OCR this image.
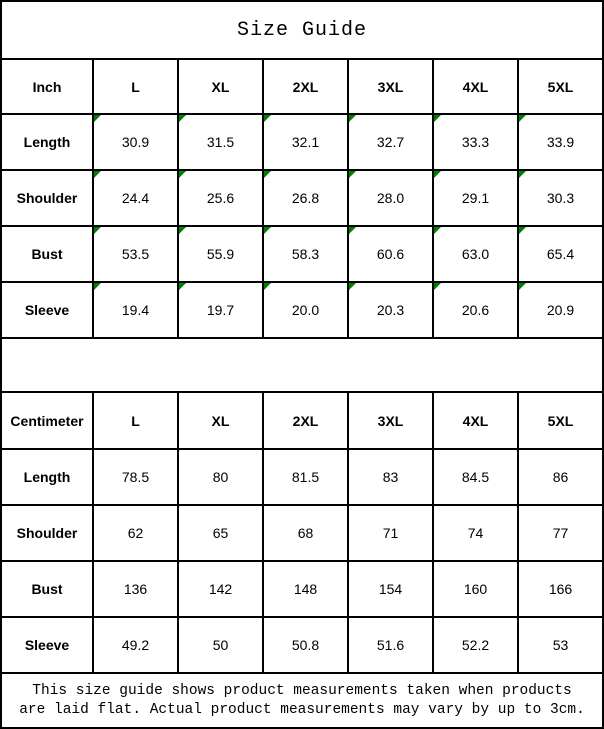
Size Guide
Inch	L	XL	2XL	3XL	4XL	5XL
Length	30.9	31.5	32.1	32.7	33.3	33.9
Shoulder	24.4	25.6	26.8	28.0	29.1	30.3
Bust	53.5	55.9	58.3	60.6	63.0	65.4
Sleeve	19.4	19.7	20.0	20.3	20.6	20.9
Centimeter	L	XL	2XL	3XL	4XL	5XL
Length	78.5	80	81.5	83	84.5	86
Shoulder	62	65	68	71	74	77
Bust	136	142	148	154	160	166
Sleeve	49.2	50	50.8	51.6	52.2	53
This size guide shows product measurements taken when products
are laid flat. Actual product measurements may vary by up to 3cm.
